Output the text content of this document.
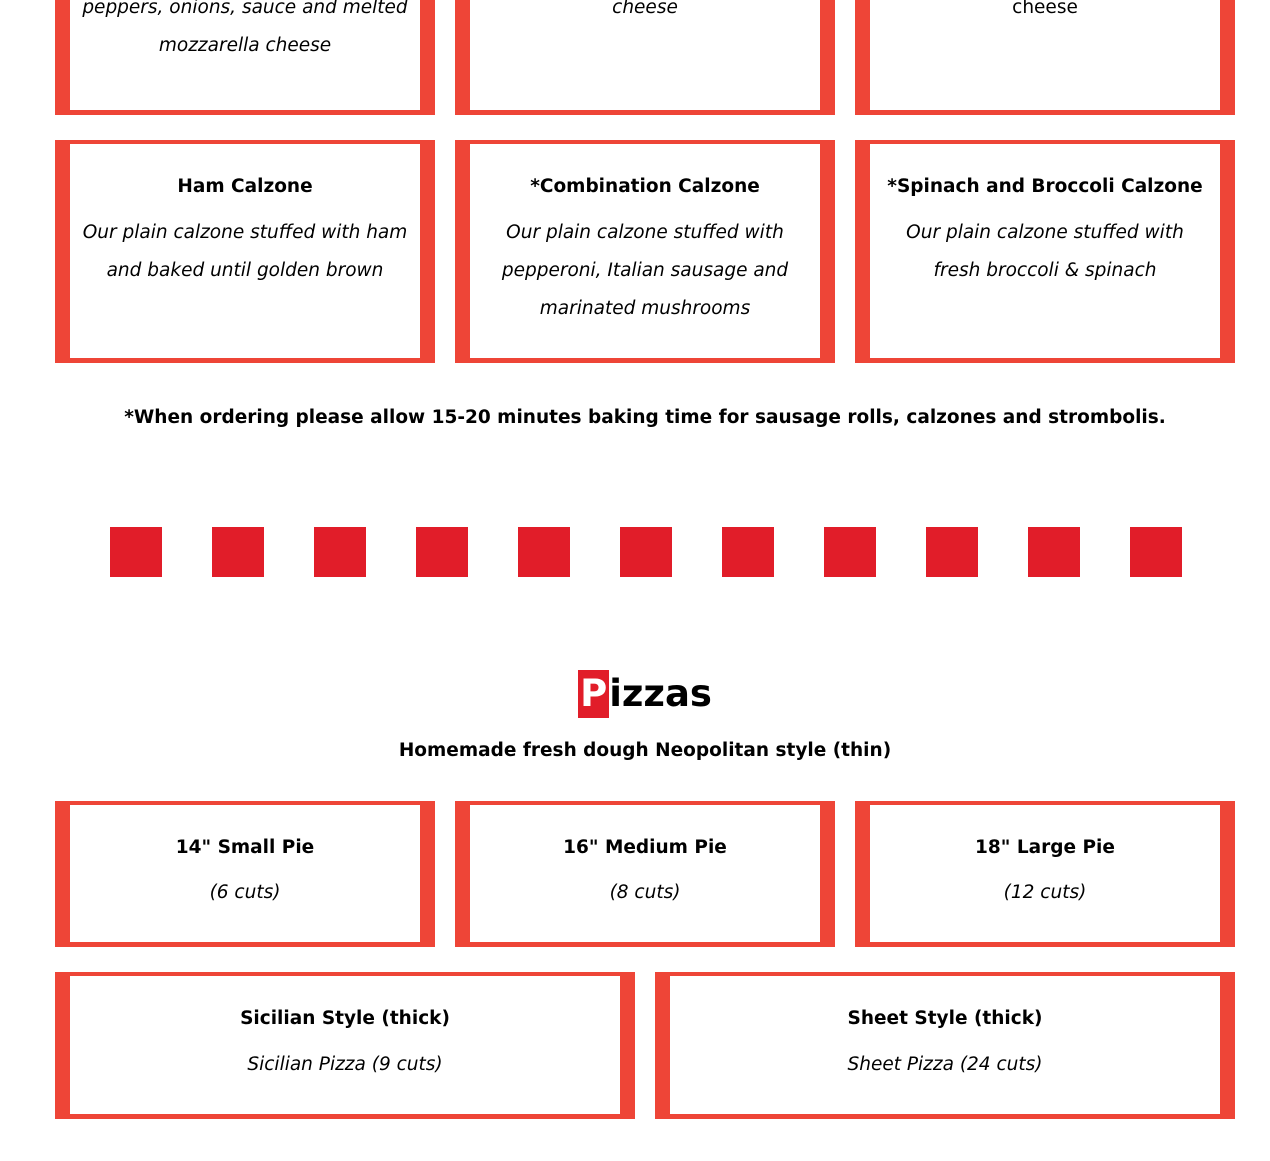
peppers, onions, sauce and melted mozzarella cheese
cheese	cheese
Ham Calzone
Our plain calzone stuffed with ham and baked until golden brown
*Combination Calzone
Our plain calzone stuffed with pepperoni, Italian sausage and marinated mushrooms
*Spinach and Broccoli Calzone
Our plain calzone stuffed with fresh broccoli & spinach
*When ordering please allow 15-20 minutes baking time for sausage rolls, calzones and strombolis.
Pizzas
Homemade fresh dough Neopolitan style (thin)
14" Small Pie
(6 cuts)
16" Medium Pie
(8 cuts)
18" Large Pie
(12 cuts)
Sicilian Style (thick)
Sicilian Pizza (9 cuts)
Sheet Style (thick)
Sheet Pizza (24 cuts)
